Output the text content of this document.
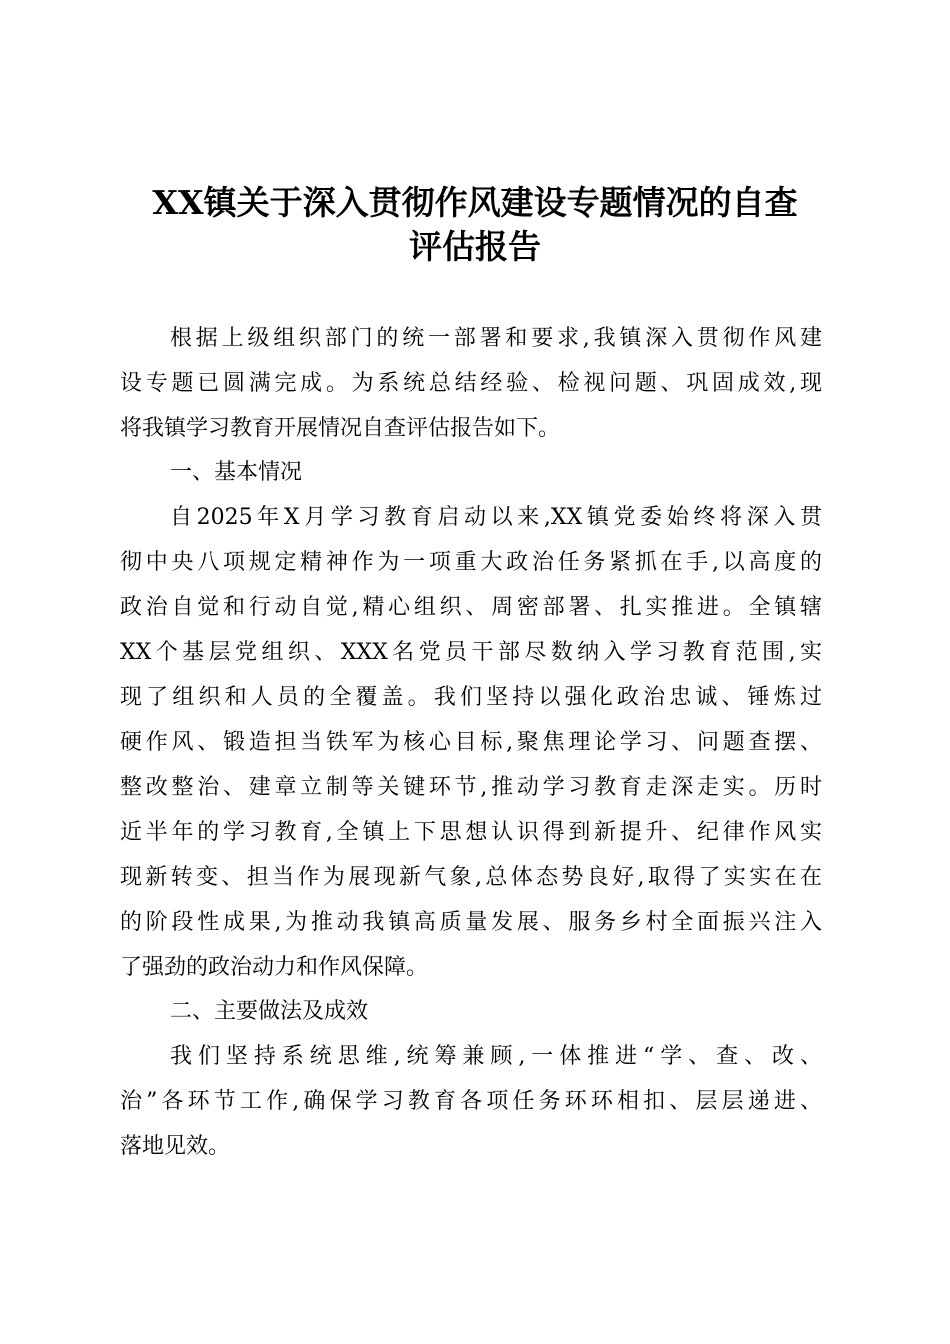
XX镇关于深入贯彻作风建设专题情况的自查
评估报告
根据上级组织部门的统一部署和要求,我镇深入贯彻作风建
设专题已圆满完成。为系统总结经验、检视问题、巩固成效,现
将我镇学习教育开展情况自查评估报告如下。
一、基本情况
自2025年X月学习教育启动以来,XX镇党委始终将深入贯
彻中央八项规定精神作为一项重大政治任务紧抓在手,以高度的
政治自觉和行动自觉,精心组织、周密部署、扎实推进。全镇辖
XX个基层党组织、XXX名党员干部尽数纳入学习教育范围,实
现了组织和人员的全覆盖。我们坚持以强化政治忠诚、锤炼过
硬作风、锻造担当铁军为核心目标,聚焦理论学习、问题查摆、
整改整治、建章立制等关键环节,推动学习教育走深走实。历时
近半年的学习教育,全镇上下思想认识得到新提升、纪律作风实
现新转变、担当作为展现新气象,总体态势良好,取得了实实在在
的阶段性成果,为推动我镇高质量发展、服务乡村全面振兴注入
了强劲的政治动力和作风保障。
二、主要做法及成效
我们坚持系统思维,统筹兼顾,一体推进“学、查、改、
治”各环节工作,确保学习教育各项任务环环相扣、层层递进、
落地见效。
